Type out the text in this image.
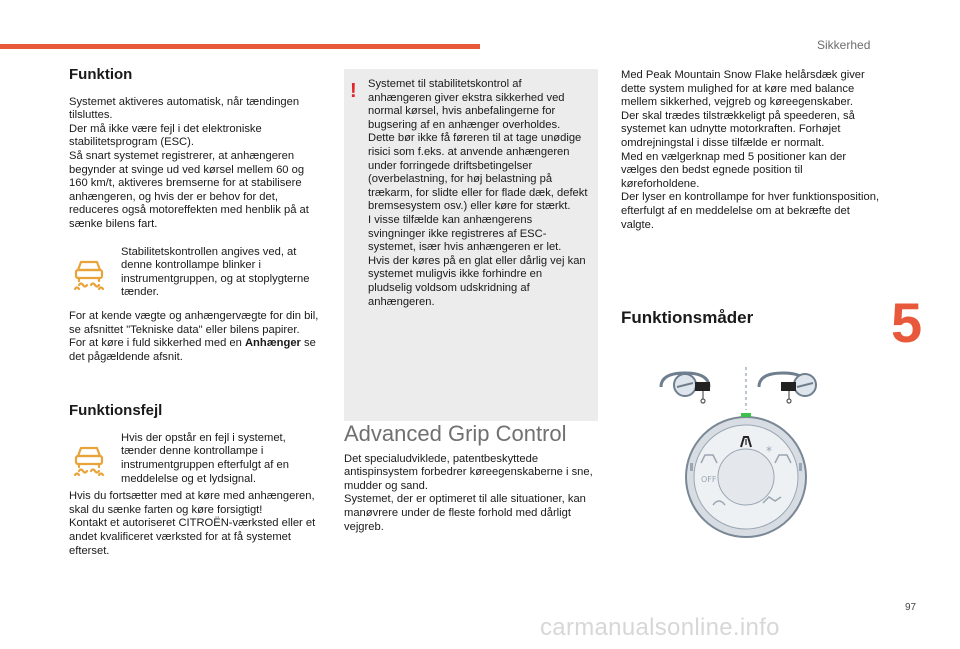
Sikkerhed
5
97
carmanualsonline.info
Funktion

Systemet aktiveres automatisk, når tændingen tilsluttes.
Der må ikke være fejl i det elektroniske stabilitetsprogram (ESC).
Så snart systemet registrerer, at anhængeren begynder at svinge ud ved kørsel mellem 60 og 160 km/t, aktiveres bremserne for at stabilisere anhængeren, og hvis der er behov for det, reduceres også motoreffekten med henblik på at sænke bilens fart.

Stabilitetskontrollen angives ved, at denne kontrollampe blinker i instrumentgruppen, og at stoplygterne tænder.

For at kende vægte og anhængervægte for din bil, se afsnittet "Tekniske data" eller bilens papirer.
For at køre i fuld sikkerhed med en Anhænger se det pågældende afsnit.

Funktionsfejl

Hvis der opstår en fejl i systemet, tænder denne kontrollampe i instrumentgruppen efterfulgt af en meddelelse og et lydsignal.

Hvis du fortsætter med at køre med anhængeren, skal du sænke farten og køre forsigtigt!
Kontakt et autoriseret CITROËN-værksted eller et andet kvalificeret værksted for at få systemet efterset.

! Systemet til stabilitetskontrol af anhængeren giver ekstra sikkerhed ved normal kørsel, hvis anbefalingerne for bugsering af en anhænger overholdes. Dette bør ikke få føreren til at tage unødige risici som f.eks. at anvende anhængeren under forringede driftsbetingelser (overbelastning, for høj belastning på trækarm, for slidte eller for flade dæk, defekt bremsesystem osv.) eller køre for stærkt.
I visse tilfælde kan anhængerens svingninger ikke registreres af ESC-systemet, især hvis anhængeren er let.
Hvis der køres på en glat eller dårlig vej kan systemet muligvis ikke forhindre en pludselig voldsom udskridning af anhængeren.
Advanced Grip Control

Det specialudviklede, patentbeskyttede antispinsystem forbedrer køreegenskaberne i sne, mudder og sand.
Systemet, der er optimeret til alle situationer, kan manøvrere under de fleste forhold med dårligt vejgreb.

Med Peak Mountain Snow Flake helårsdæk giver dette system mulighed for at køre med balance mellem sikkerhed, vejgreb og køreegenskaber.
Der skal trædes tilstrækkeligt på speederen, så systemet kan udnytte motorkraften. Forhøjet omdrejningstal i disse tilfælde er normalt.
Med en vælgerknap med 5 positioner kan der vælges den bedst egnede position til køreforholdene.
Der lyser en kontrollampe for hver funktionsposition, efterfulgt af en meddelelse om at bekræfte det valgte.

Funktionsmåder
*
OFF
